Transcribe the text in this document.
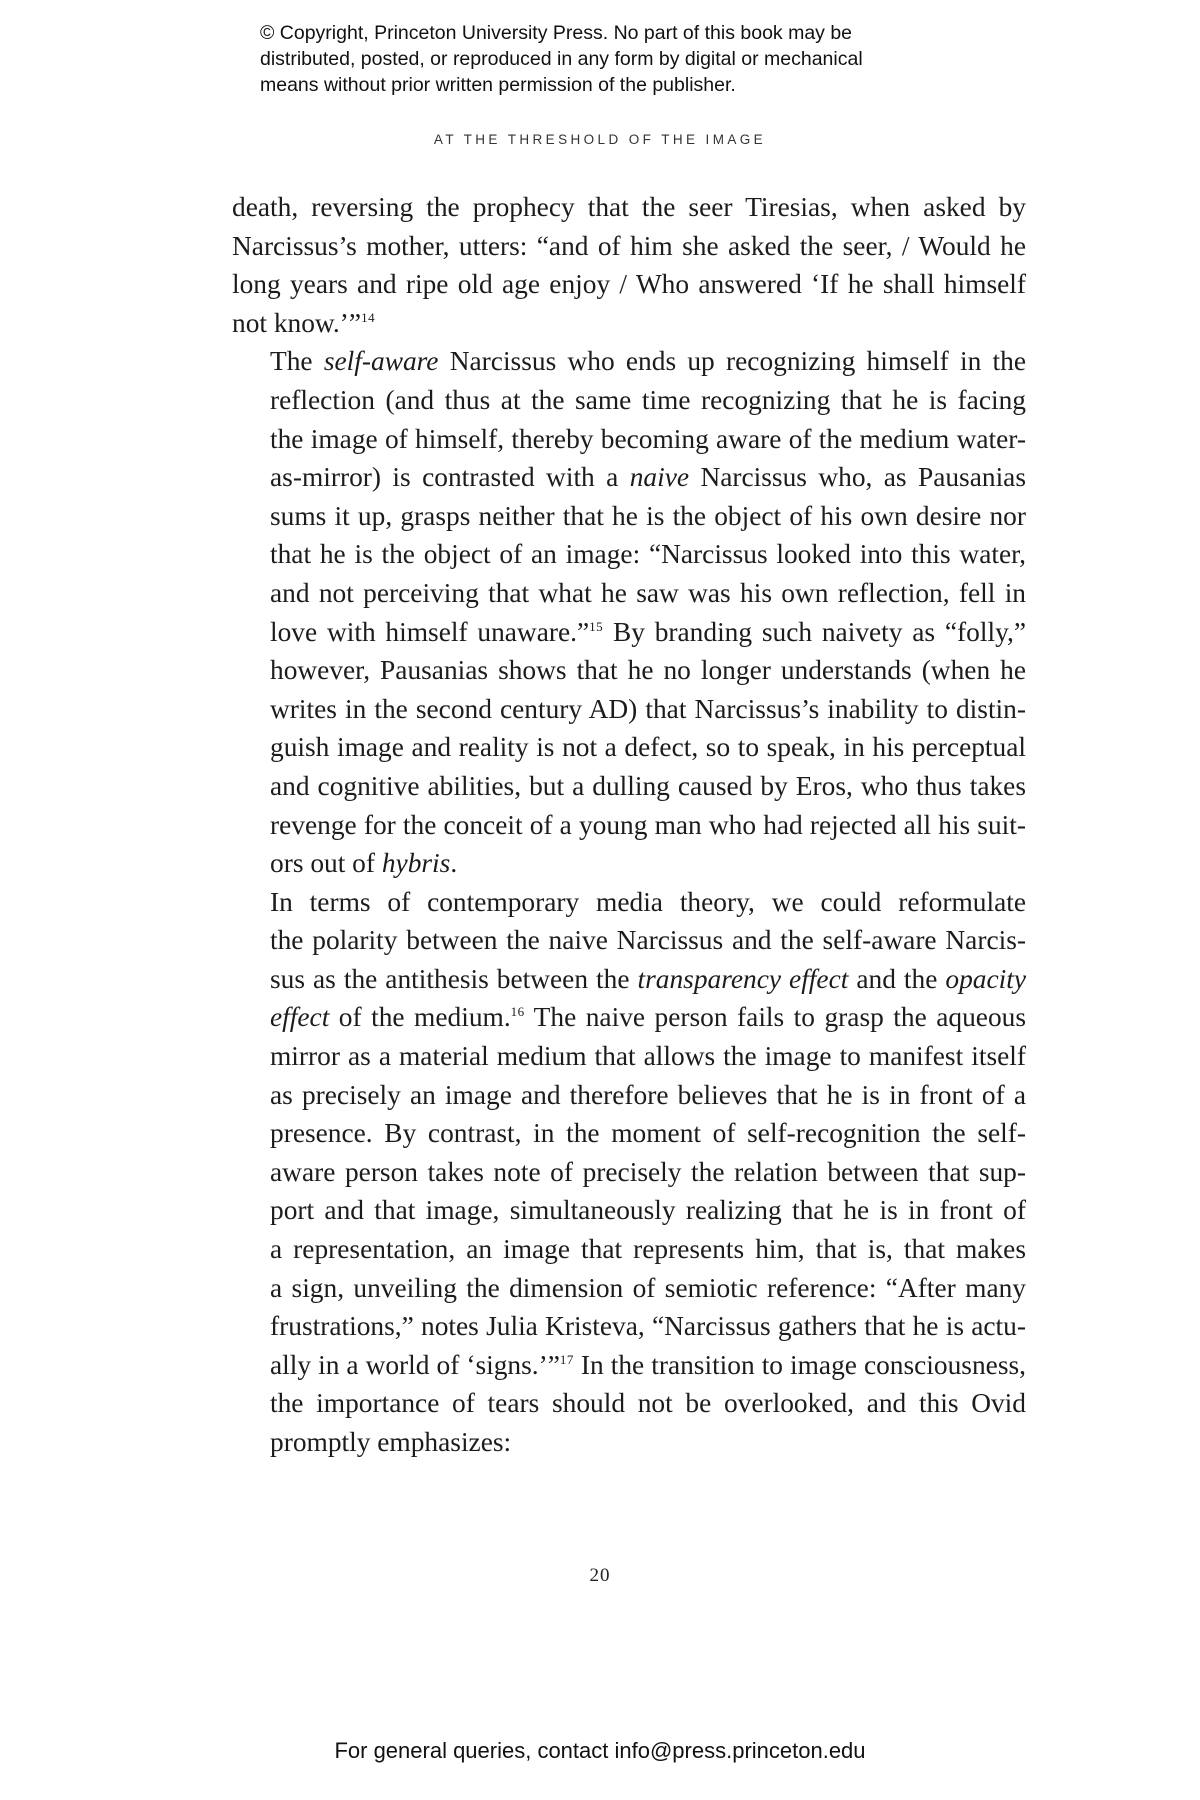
© Copyright, Princeton University Press. No part of this book may be
distributed, posted, or reproduced in any form by digital or mechanical
means without prior written permission of the publisher.
AT THE THRESHOLD OF THE IMAGE

death, reversing the prophecy that the seer Tiresias, when asked by
Narcissus’s mother, utters: “and of him she asked the seer, / Would he
long years and ripe old age enjoy / Who answered ‘If he shall himself
not know.’”$^{14}$

The self-aware Narcissus who ends up recognizing himself in the
reflection (and thus at the same time recognizing that he is facing
the image of himself, thereby becoming aware of the medium water-
as-mirror) is contrasted with a naive Narcissus who, as Pausanias
sums it up, grasps neither that he is the object of his own desire nor
that he is the object of an image: “Narcissus looked into this water,
and not perceiving that what he saw was his own reflection, fell in
love with himself unaware.”$^{15}$ By branding such naivety as “folly,”
however, Pausanias shows that he no longer understands (when he
writes in the second century AD) that Narcissus’s inability to distin-
guish image and reality is not a defect, so to speak, in his perceptual
and cognitive abilities, but a dulling caused by Eros, who thus takes
revenge for the conceit of a young man who had rejected all his suit-
ors out of hybris.

In terms of contemporary media theory, we could reformulate
the polarity between the naive Narcissus and the self-aware Narcis-
sus as the antithesis between the transparency effect and the opacity
effect of the medium.$^{16}$ The naive person fails to grasp the aqueous
mirror as a material medium that allows the image to manifest itself
as precisely an image and therefore believes that he is in front of a
presence. By contrast, in the moment of self-recognition the self-
aware person takes note of precisely the relation between that sup-
port and that image, simultaneously realizing that he is in front of
a representation, an image that represents him, that is, that makes
a sign, unveiling the dimension of semiotic reference: “After many
frustrations,” notes Julia Kristeva, “Narcissus gathers that he is actu-
ally in a world of ‘signs.’”$^{17}$ In the transition to image consciousness,
the importance of tears should not be overlooked, and this Ovid
promptly emphasizes:

20
For general queries, contact info@press.princeton.edu
